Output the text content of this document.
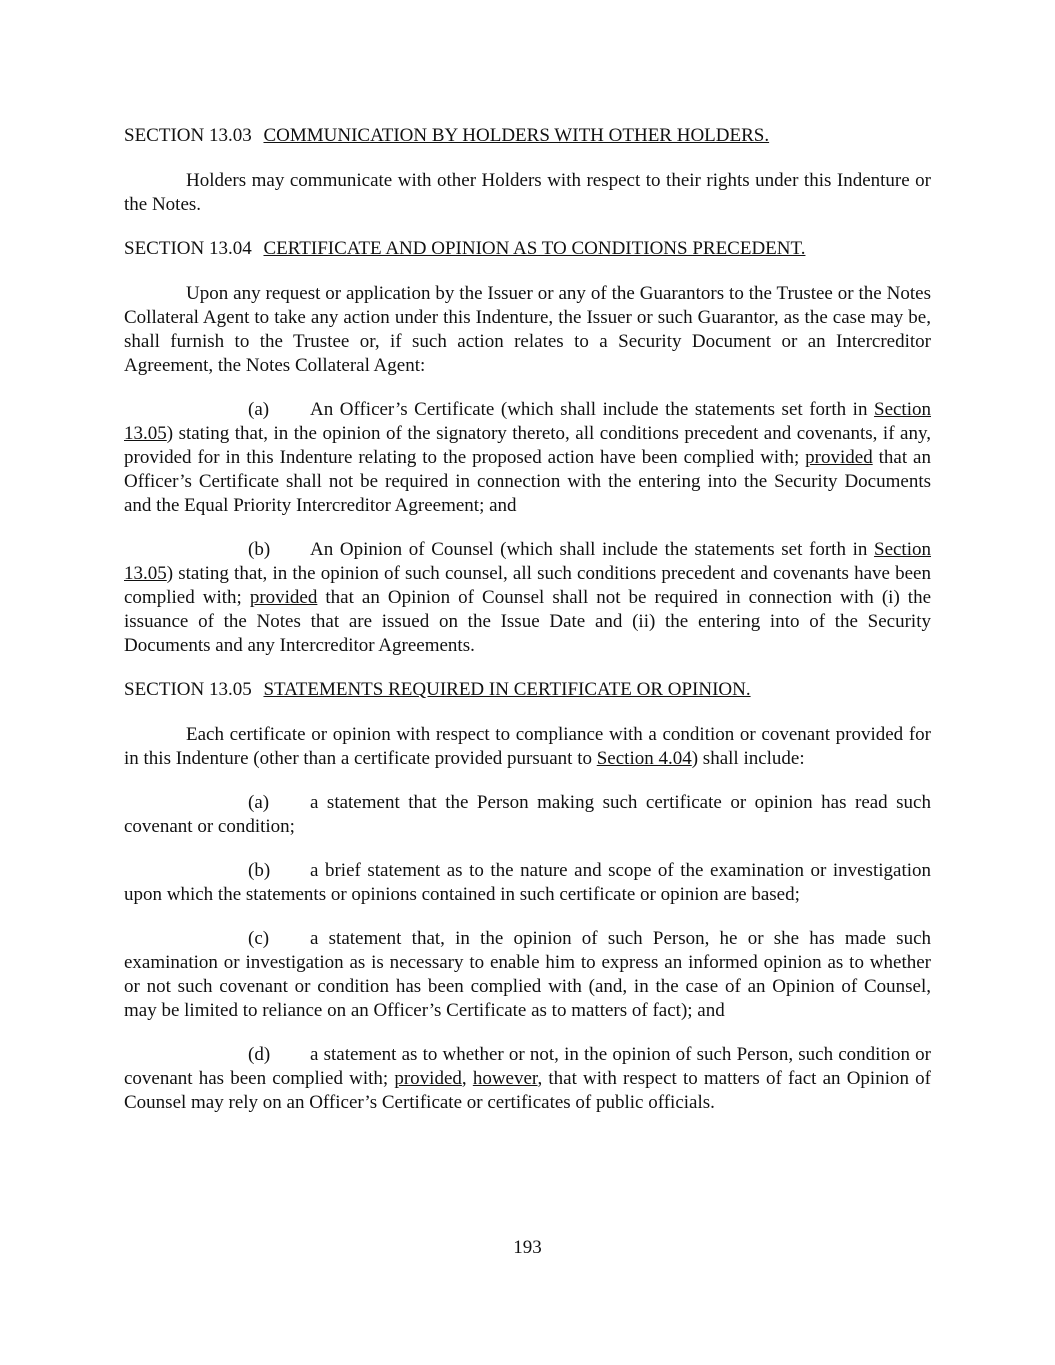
SECTION 13.03 COMMUNICATION BY HOLDERS WITH OTHER HOLDERS.

Holders may communicate with other Holders with respect to their rights under this Indenture or the Notes.

SECTION 13.04 CERTIFICATE AND OPINION AS TO CONDITIONS PRECEDENT.

Upon any request or application by the Issuer or any of the Guarantors to the Trustee or the Notes Collateral Agent to take any action under this Indenture, the Issuer or such Guarantor, as the case may be, shall furnish to the Trustee or, if such action relates to a Security Document or an Intercreditor Agreement, the Notes Collateral Agent:

(a) An Officer’s Certificate (which shall include the statements set forth in Section 13.05) stating that, in the opinion of the signatory thereto, all conditions precedent and covenants, if any, provided for in this Indenture relating to the proposed action have been complied with; provided that an Officer’s Certificate shall not be required in connection with the entering into the Security Documents and the Equal Priority Intercreditor Agreement; and

(b) An Opinion of Counsel (which shall include the statements set forth in Section 13.05) stating that, in the opinion of such counsel, all such conditions precedent and covenants have been complied with; provided that an Opinion of Counsel shall not be required in connection with (i) the issuance of the Notes that are issued on the Issue Date and (ii) the entering into of the Security Documents and any Intercreditor Agreements.

SECTION 13.05 STATEMENTS REQUIRED IN CERTIFICATE OR OPINION.

Each certificate or opinion with respect to compliance with a condition or covenant provided for in this Indenture (other than a certificate provided pursuant to Section 4.04) shall include:

(a) a statement that the Person making such certificate or opinion has read such covenant or condition;

(b) a brief statement as to the nature and scope of the examination or investigation upon which the statements or opinions contained in such certificate or opinion are based;

(c) a statement that, in the opinion of such Person, he or she has made such examination or investigation as is necessary to enable him to express an informed opinion as to whether or not such covenant or condition has been complied with (and, in the case of an Opinion of Counsel, may be limited to reliance on an Officer’s Certificate as to matters of fact); and

(d) a statement as to whether or not, in the opinion of such Person, such condition or covenant has been complied with; provided, however, that with respect to matters of fact an Opinion of Counsel may rely on an Officer’s Certificate or certificates of public officials.

193
